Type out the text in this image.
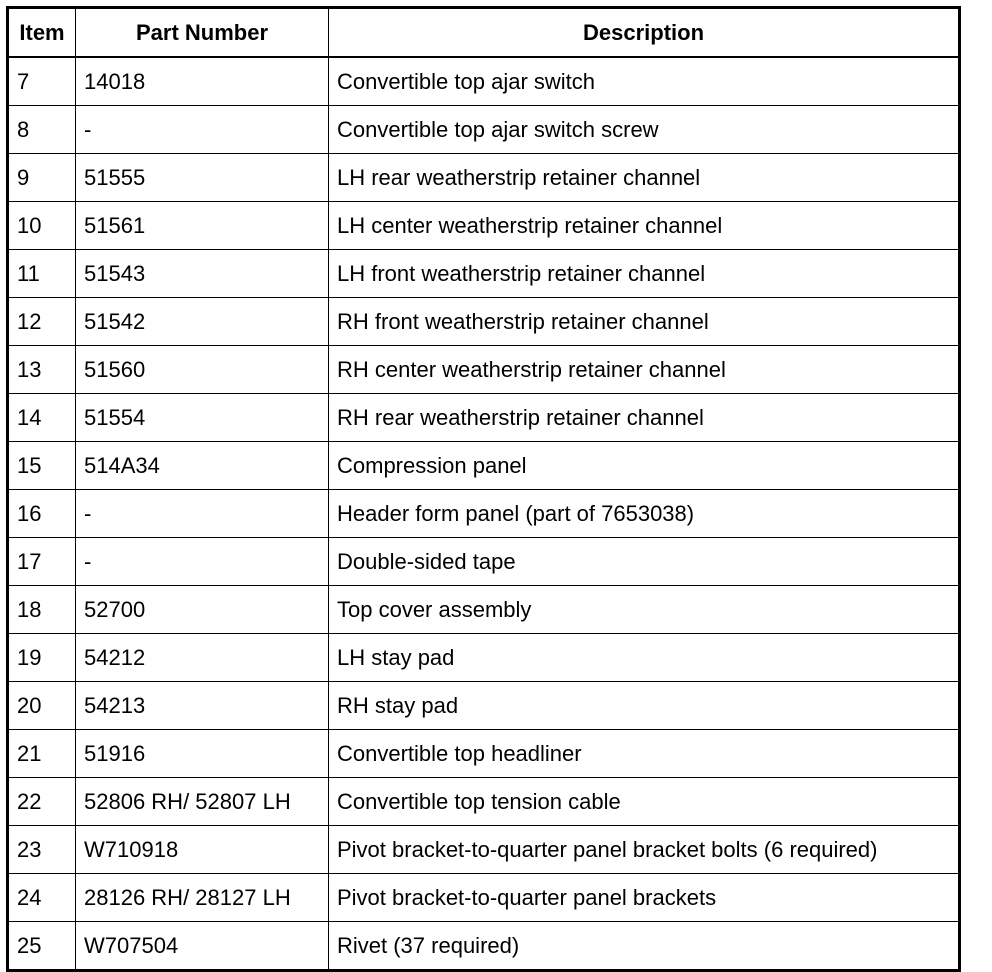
Item	Part Number	Description
7	14018	Convertible top ajar switch
8	-	Convertible top ajar switch screw
9	51555	LH rear weatherstrip retainer channel
10	51561	LH center weatherstrip retainer channel
11	51543	LH front weatherstrip retainer channel
12	51542	RH front weatherstrip retainer channel
13	51560	RH center weatherstrip retainer channel
14	51554	RH rear weatherstrip retainer channel
15	514A34	Compression panel
16	-	Header form panel (part of 7653038)
17	-	Double-sided tape
18	52700	Top cover assembly
19	54212	LH stay pad
20	54213	RH stay pad
21	51916	Convertible top headliner
22	52806 RH/ 52807 LH	Convertible top tension cable
23	W710918	Pivot bracket-to-quarter panel bracket bolts (6 required)
24	28126 RH/ 28127 LH	Pivot bracket-to-quarter panel brackets
25	W707504	Rivet (37 required)
